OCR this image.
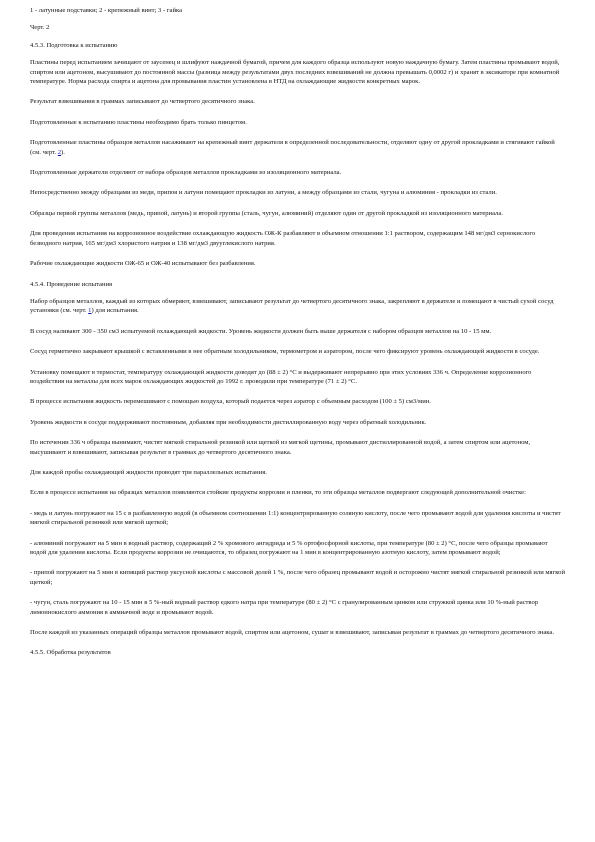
1 - латунные подставки; 2 - крепежный винт; 3 - гайка

Черт. 2

4.5.3. Подготовка к испытанию

Пластины перед испытанием зачищают от заусенец и шлифуют наждачной бумагой, причем для каждого образца используют новую наждачную бумагу. Затем пластины промывают водой, спиртом или ацетоном, высушивают до постоянной массы (разница между результатами двух последних взвешиваний не должна превышать 0,0002 г) и хранят в эксикаторе при комнатной температуре. Норма расхода спирта и ацетона для промывания пластин установлена в НТД на охлаждающие жидкости конкретных марок.

Результат взвешивания в граммах записывают до четвертого десятичного знака.

Подготовленные к испытанию пластины необходимо брать только пинцетом.

Подготовленные пластины образцов металлов насаживают на крепежный винт держателя в определенной последовательности, отделяют одну от другой прокладками и стягивают гайкой (см. черт. 2).

Подготовленные держатели отделяют от набора образцов металлов прокладками из изоляционного материала.

Непосредственно между образцами из меди, припоя и латуни помещают прокладки из латуни, а между образцами из стали, чугуна и алюминия - прокладки из стали.

Образцы первой группы металлов (медь, припой, латунь) и второй группы (сталь, чугун, алюминий) отделяют один от другой прокладкой из изоляционного материала.

Для проведения испытания на коррозионное воздействие охлаждающую жидкость ОЖ-К разбавляют в объемном отношении 1:1 раствором, содержащим 148 мг/дм3 сернокислого безводного натрия, 165 мг/дм3 хлористого натрия и 138 мг/дм3 двууглекислого натрия.

Рабочие охлаждающие жидкости ОЖ-65 и ОЖ-40 испытывают без разбавления.

4.5.4. Проведение испытания

Набор образцов металлов, каждый из которых обмеряют, взвешивают, записывают результат до четвертого десятичного знака, закрепляют в держателе и помещают в чистый сухой сосуд установки (см. черт. 1) для испытания.

В сосуд наливают 300 - 350 см3 испытуемой охлаждающей жидкости. Уровень жидкости должен быть выше держателя с набором образцов металлов на 10 - 15 мм.

Сосуд герметично закрывают крышкой с вставленными в нее обратным холодильником, термометром и аэратором, после чего фиксируют уровень охлаждающей жидкости в сосуде.

Установку помещают в термостат, температуру охлаждающей жидкости доводят до (88 ± 2) °С и выдерживают непрерывно при этих условиях 336 ч. Определение коррозионного воздействия на металлы для всех марок охлаждающих жидкостей до 1992 г. проводили при температуре (71 ± 2) °С.

В процессе испытания жидкость перемешивают с помощью воздуха, который подается через аэратор с объемным расходом (100 ± 5) см3/мин.

Уровень жидкости в сосуде поддерживают постоянным, добавляя при необходимости дистиллированную воду через обратный холодильник.

По истечении 336 ч образцы вынимают, чистят мягкой стиральной резинкой или щеткой из мягкой щетины, промывают дистиллированной водой, а затем спиртом или ацетоном, высушивают и взвешивают, записывая результат в граммах до четвертого десятичного знака.

Для каждой пробы охлаждающей жидкости проводят три параллельных испытания.

Если в процессе испытания на образцах металлов появляются стойкие продукты коррозии и пленки, то эти образцы металлов подвергают следующей дополнительной очистке:

- медь и латунь погружают на 15 с в разбавленную водой (в объемном соотношении 1:1) концентрированную соляную кислоту, после чего промывают водой для удаления кислоты и чистят мягкой стиральной резинкой или мягкой щеткой;

- алюминий погружают на 5 мин в водный раствор, содержащий 2 % хромового ангидрида и 5 % ортофосфорной кислоты, при температуре (80 ± 2) °С, после чего образцы промывают водой для удаления кислоты. Если продукты коррозии не очищаются, то образец погружают на 1 мин в концентрированную азотную кислоту, затем промывают водой;

- припой погружают на 5 мин в кипящий раствор уксусной кислоты с массовой долей 1 %, после чего образец промывают водой и осторожно чистят мягкой стиральной резинкой или мягкой щеткой;

- чугун, сталь погружают на 10 - 15 мин в 5 %-ный водный раствор едкого натра при температуре (80 ± 2) °С с гранулированным цинком или стружкой цинка или 10 %-ный раствор лимоннокислого аммония в аммиачной воде и промывают водой.

После каждой из указанных операций образцы металлов промывают водой, спиртом или ацетоном, сушат и взвешивают, записывая результат в граммах до четвертого десятичного знака.

4.5.5. Обработка результатов
